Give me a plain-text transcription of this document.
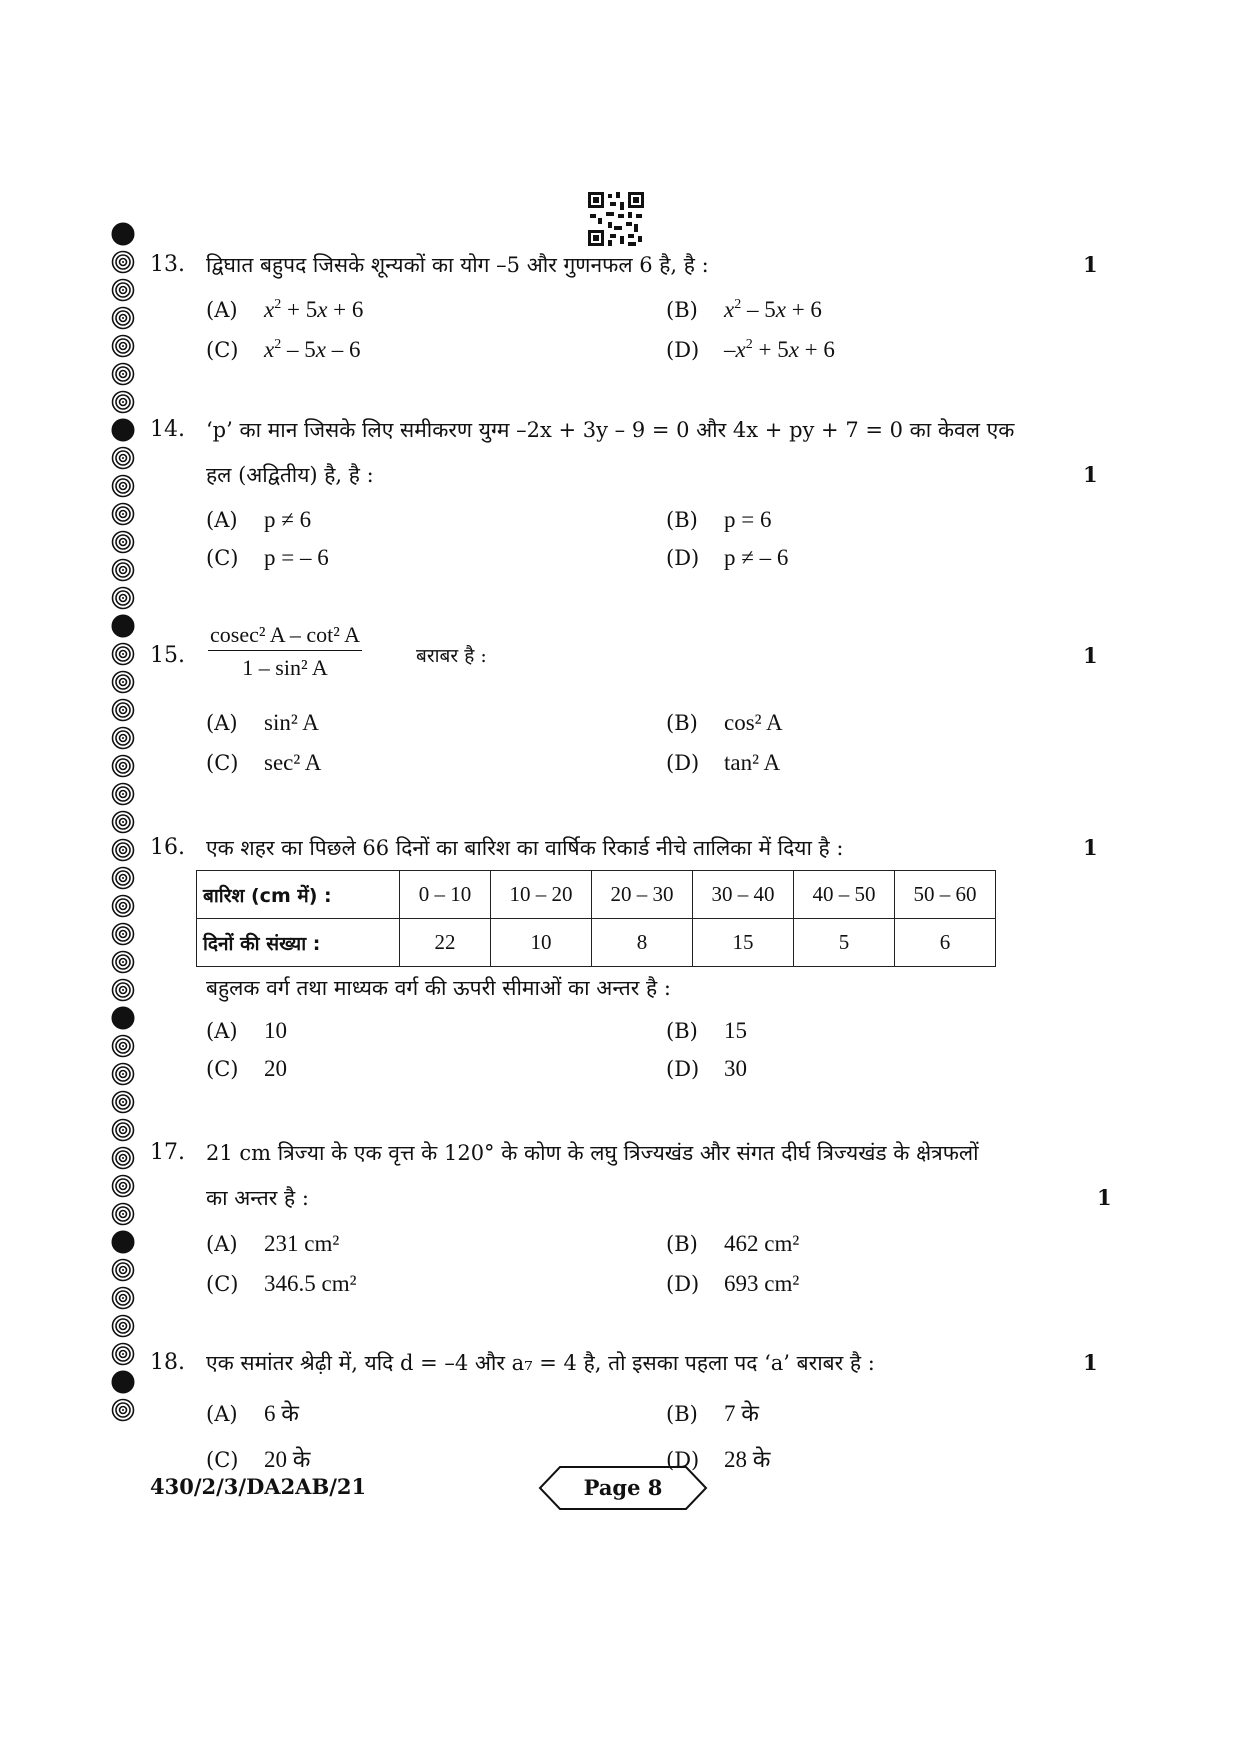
13. द्विघात बहुपद जिसके शून्यकों का योग –5 और गुणनफल 6 है, है :	1
(A) $x^2 + 5x + 6$	(B) $x^2 - 5x + 6$
(C) $x^2 - 5x - 6$	(D) $-x^2 + 5x + 6$
14. ‘p’ का मान जिसके लिए समीकरण युग्म –2x + 3y – 9 = 0 और 4x + py + 7 = 0 का केवल एक
हल (अद्वितीय) है, है :	1
(A) p ≠ 6	(B) p = 6
(C) p = – 6	(D) p ≠ – 6
15. $\frac{\text{cosec² A – cot² A}}{\text{1 – sin² A}}$	बराबर है :	1
(A) sin² A	(B) cos² A
(C) sec² A	(D) tan² A
16. एक शहर का पिछले 66 दिनों का बारिश का वार्षिक रिकार्ड नीचे तालिका में दिया है :	1
बारिश (cm में) :	0 – 10	10 – 20	20 – 30	30 – 40	40 – 50	50 – 60
दिनों की संख्या :	22	10	8	15	5	6
बहुलक वर्ग तथा माध्यक वर्ग की ऊपरी सीमाओं का अन्तर है :
(A) 10	(B) 15
(C) 20	(D) 30
17. 21 cm त्रिज्या के एक वृत्त के 120° के कोण के लघु त्रिज्यखंड और संगत दीर्घ त्रिज्यखंड के क्षेत्रफलों
का अन्तर है :	1
(A) 231 cm²	(B) 462 cm²
(C) 346.5 cm²	(D) 693 cm²
18. एक समांतर श्रेढ़ी में, यदि d = –4 और a₇ = 4 है, तो इसका पहला पद ‘a’ बराबर है :	1
(A) 6 के	(B) 7 के
(C) 20 के	(D) 28 के
430/2/3/DA2AB/21	Page 8
